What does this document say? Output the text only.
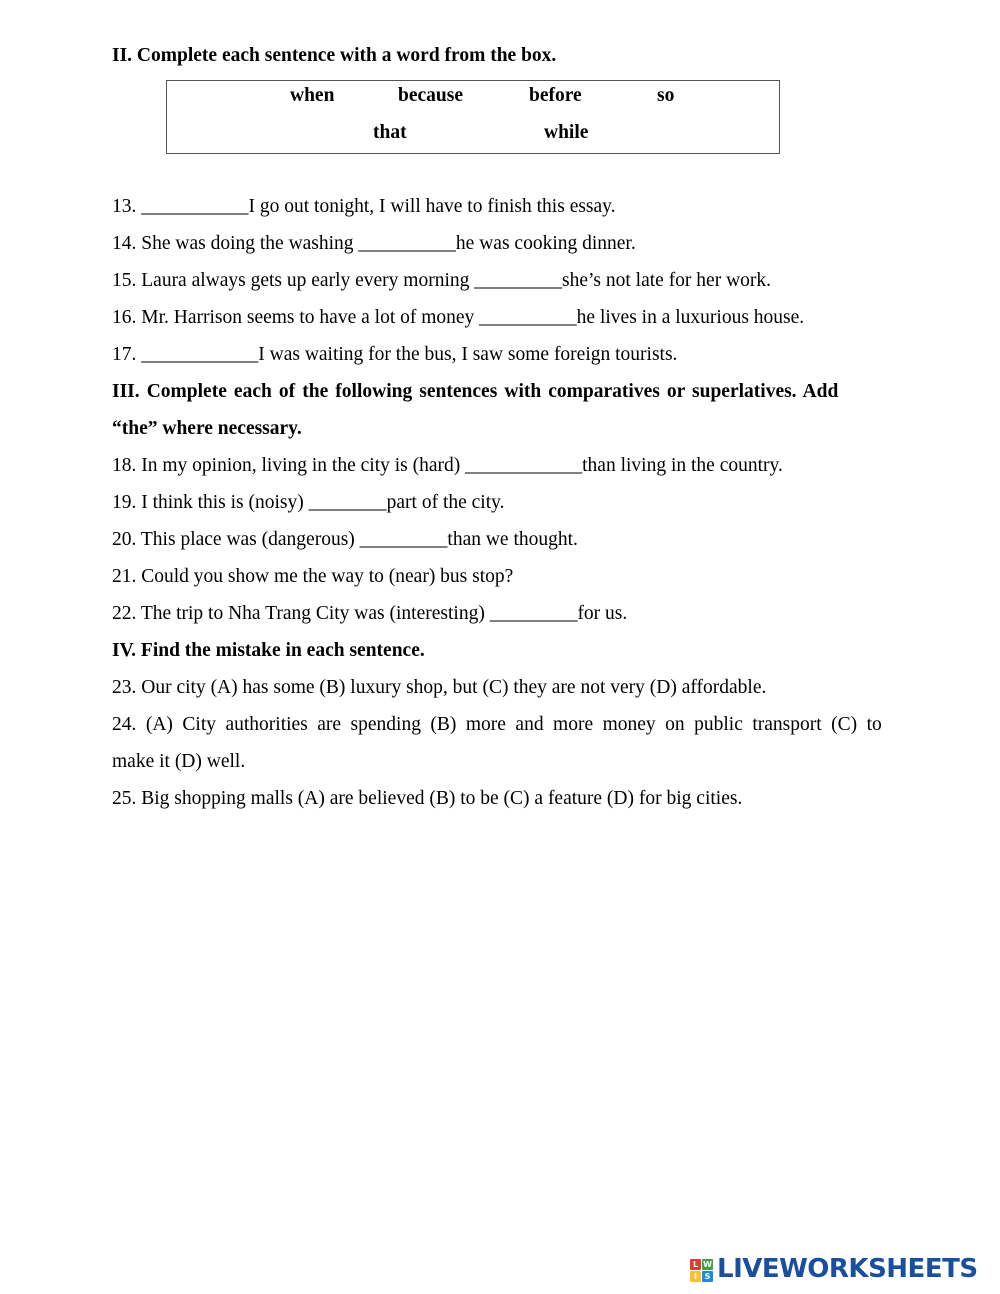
II. Complete each sentence with a word from the box.
when	because	before	so
that	while
13. ___________I go out tonight, I will have to finish this essay.
14. She was doing the washing __________he was cooking dinner.
15. Laura always gets up early every morning _________she’s not late for her work.
16. Mr. Harrison seems to have a lot of money __________he lives in a luxurious house.
17. ____________I was waiting for the bus, I saw some foreign tourists.
III. Complete each of the following sentences with comparatives or superlatives. Add
“the” where necessary.
18. In my opinion, living in the city is (hard) ____________than living in the country.
19. I think this is (noisy) ________part of the city.
20. This place was (dangerous) _________than we thought.
21. Could you show me the way to (near) bus stop?
22. The trip to Nha Trang City was (interesting) _________for us.
IV. Find the mistake in each sentence.
23. Our city (A) has some (B) luxury shop, but (C) they are not very (D) affordable.
24. (A) City authorities are spending (B) more and more money on public transport (C) to
make it (D) well.
25. Big shopping malls (A) are believed (B) to be (C) a feature (D) for big cities.
L W
I S LIVEWORKSHEETS
